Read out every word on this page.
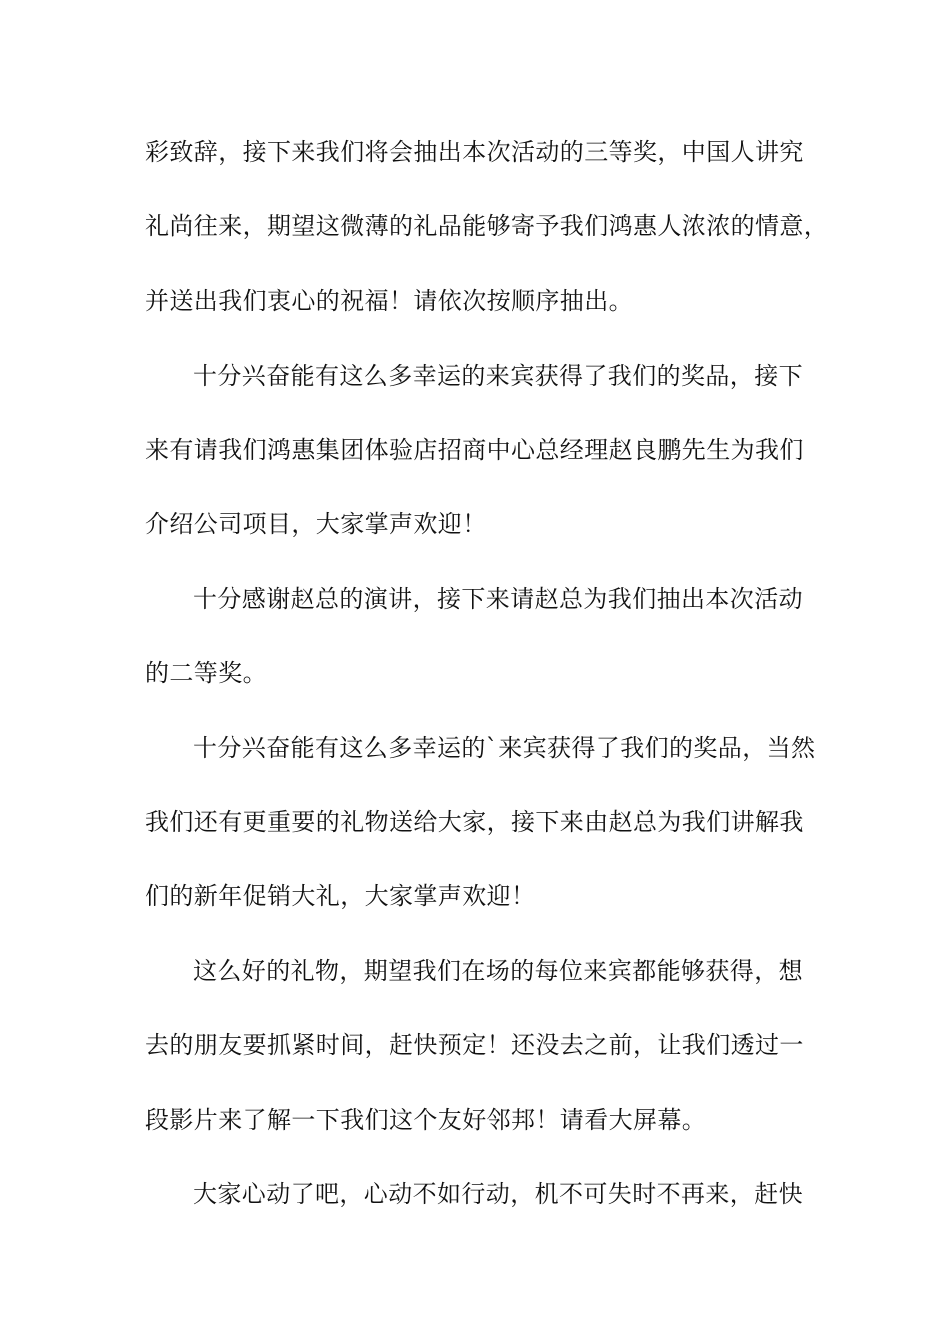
彩致辞，接下来我们将会抽出本次活动的三等奖，中国人讲究
礼尚往来，期望这微薄的礼品能够寄予我们鸿惠人浓浓的情意，
并送出我们衷心的祝福！请依次按顺序抽出。
十分兴奋能有这么多幸运的来宾获得了我们的奖品，接下
来有请我们鸿惠集团体验店招商中心总经理赵良鹏先生为我们
介绍公司项目，大家掌声欢迎！
十分感谢赵总的演讲，接下来请赵总为我们抽出本次活动
的二等奖。
十分兴奋能有这么多幸运的`来宾获得了我们的奖品，当然
我们还有更重要的礼物送给大家，接下来由赵总为我们讲解我
们的新年促销大礼，大家掌声欢迎！
这么好的礼物，期望我们在场的每位来宾都能够获得，想
去的朋友要抓紧时间，赶快预定！还没去之前，让我们透过一
段影片来了解一下我们这个友好邻邦！请看大屏幕。
大家心动了吧，心动不如行动，机不可失时不再来，赶快
